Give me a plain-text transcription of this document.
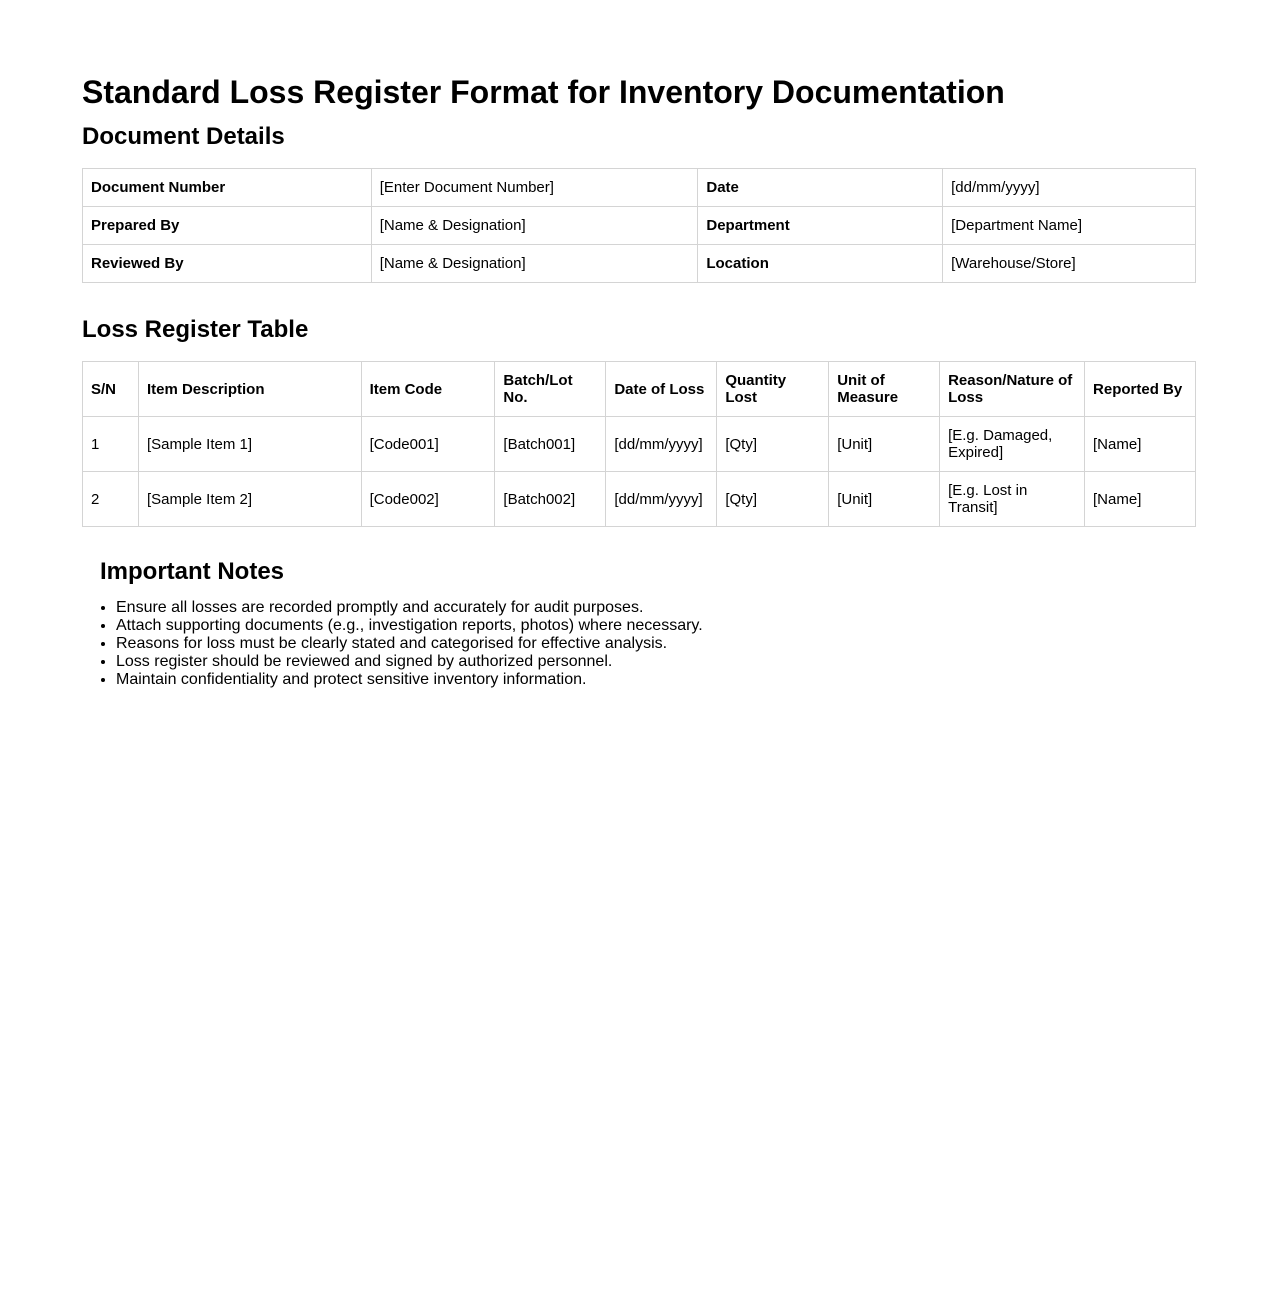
Standard Loss Register Format for Inventory Documentation
Document Details
Document Number	[Enter Document Number]	Date	[dd/mm/yyyy]
Prepared By	[Name & Designation]	Department	[Department Name]
Reviewed By	[Name & Designation]	Location	[Warehouse/Store]
Loss Register Table
S/N	Item Description	Item Code	Batch/Lot No.	Date of Loss	Quantity Lost	Unit of Measure	Reason/Nature of Loss	Reported By
1	[Sample Item 1]	[Code001]	[Batch001]	[dd/mm/yyyy]	[Qty]	[Unit]	[E.g. Damaged, Expired]	[Name]
2	[Sample Item 2]	[Code002]	[Batch002]	[dd/mm/yyyy]	[Qty]	[Unit]	[E.g. Lost in Transit]	[Name]
Important Notes
• Ensure all losses are recorded promptly and accurately for audit purposes.
• Attach supporting documents (e.g., investigation reports, photos) where necessary.
• Reasons for loss must be clearly stated and categorised for effective analysis.
• Loss register should be reviewed and signed by authorized personnel.
• Maintain confidentiality and protect sensitive inventory information.
